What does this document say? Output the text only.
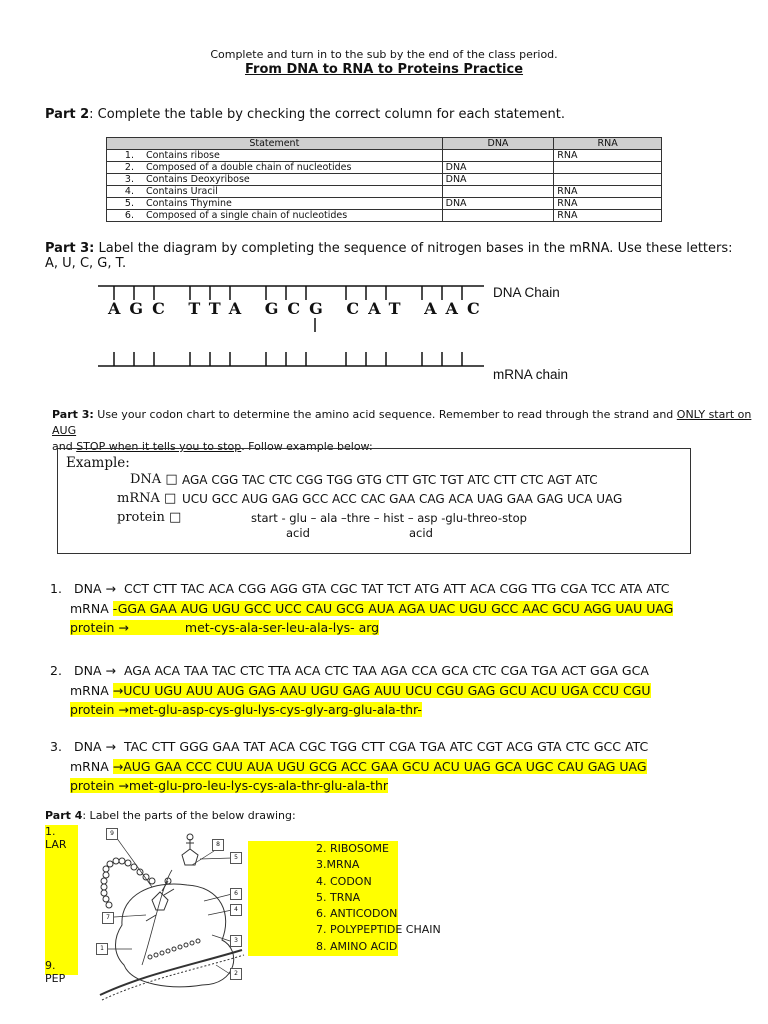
Complete and turn in to the sub by the end of the class period.
From DNA to RNA to Proteins Practice
Part 2: Complete the table by checking the correct column for each statement.
Statement	DNA	RNA
1. Contains ribose		RNA
2. Composed of a double chain of nucleotides	DNA	
3. Contains Deoxyribose	DNA	
4. Contains Uracil		RNA
5. Contains Thymine	DNA	RNA
6. Composed of a single chain of nucleotides		RNA
Part 3: Label the diagram by completing the sequence of nitrogen bases in the mRNA. Use these letters:
A, U, C, G, T.
AGC TTA GCG CAT AAC
DNA Chain
mRNA chain
Part 3: Use your codon chart to determine the amino acid sequence. Remember to read through the strand and ONLY start on AUG
and STOP when it tells you to stop. Follow example below:
Example:
DNA □ AGA CGG TAC CTC CGG TGG GTG CTT GTC TGT ATC CTT CTC AGT ATC
mRNA □ UCU GCC AUG GAG GCC ACC CAC GAA CAG ACA UAG GAA GAG UCA UAG
protein □	start - glu – ala –thre – hist – asp -glu-threo-stop
acid	acid
1. DNA → CCT CTT TAC ACA CGG AGG GTA CGC TAT TCT ATG ATT ACA CGG TTG CGA TCC ATA ATC
mRNA -GGA GAA AUG UGU GCC UCC CAU GCG AUA AGA UAC UGU GCC AAC GCU AGG UAU UAG
protein →	met-cys-ala-ser-leu-ala-lys- arg
2. DNA → AGA ACA TAA TAC CTC TTA ACA CTC TAA AGA CCA GCA CTC CGA TGA ACT GGA GCA
mRNA →UCU UGU AUU AUG GAG AAU UGU GAG AUU UCU CGU GAG GCU ACU UGA CCU CGU
protein →met-glu-asp-cys-glu-lys-cys-gly-arg-glu-ala-thr-
3. DNA → TAC CTT GGG GAA TAT ACA CGC TGG CTT CGA TGA ATC CGT ACG GTA CTC GCC ATC
mRNA →AUG GAA CCC CUU AUA UGU GCG ACC GAA GCU ACU UAG GCA UGC CAU GAG UAG
protein →met-glu-pro-leu-lys-cys-ala-thr-glu-ala-thr
Part 4: Label the parts of the below drawing:
1. LAR
9. PEP
2. RIBOSOME
3.MRNA
4. CODON
5. TRNA
6. ANTICODON
7. POLYPEPTIDE CHAIN
8. AMINO ACID
9
8
5
6
4
7
3
1
2
